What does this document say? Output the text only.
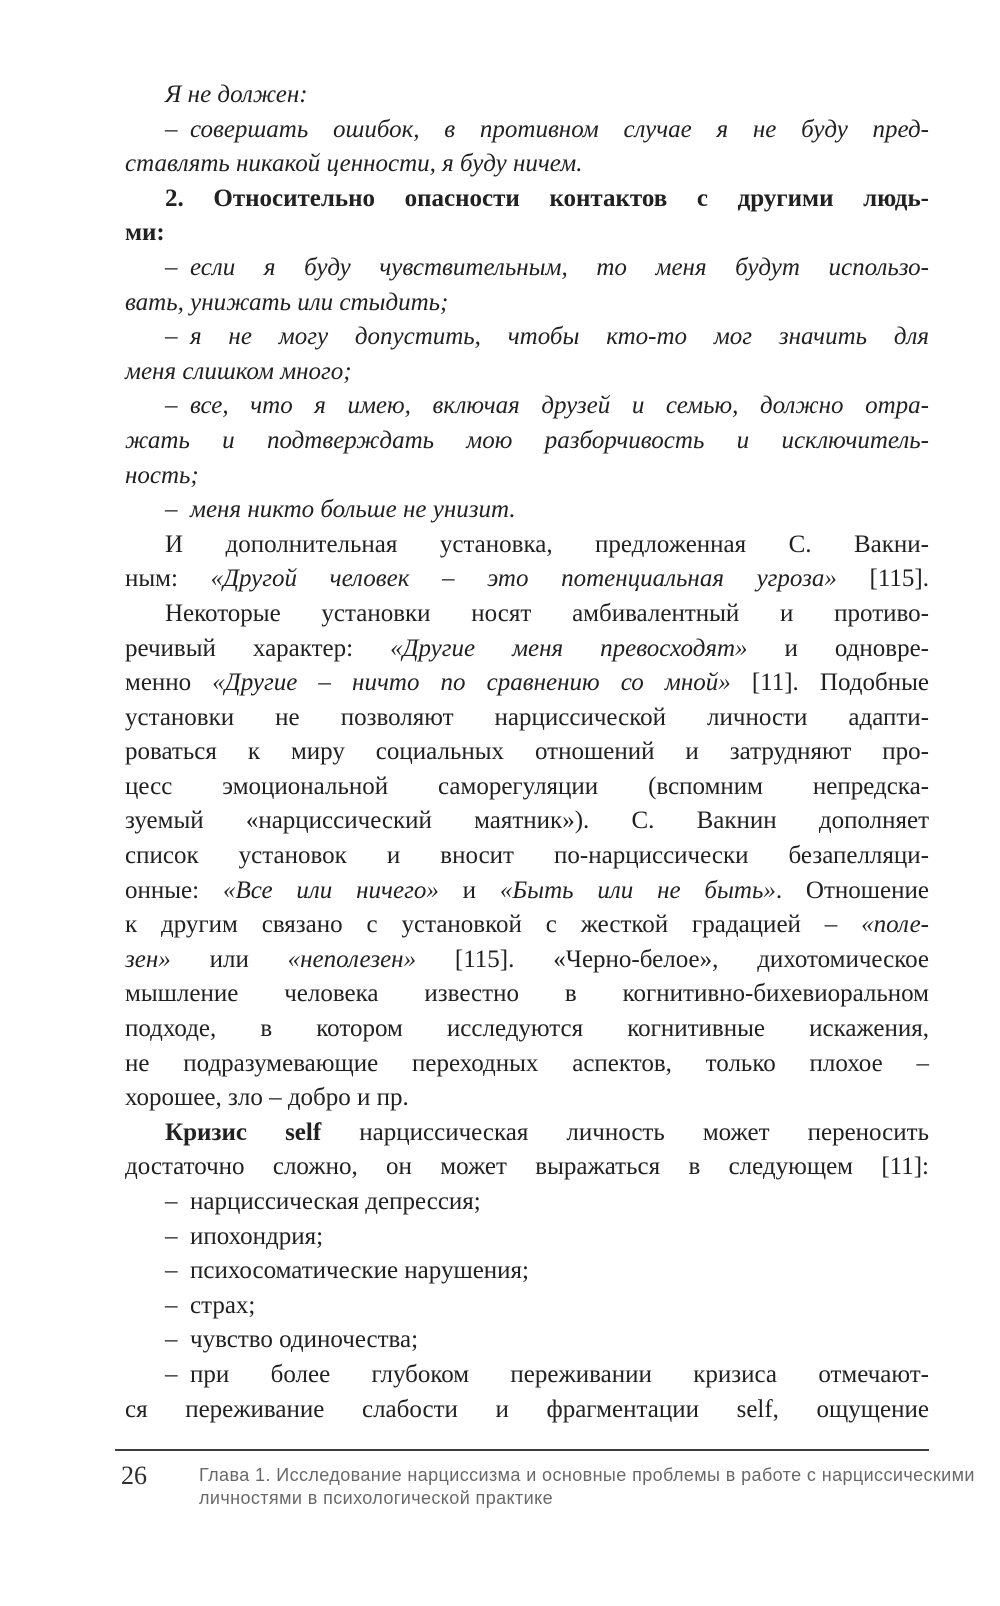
Я не должен:
– совершать ошибок, в противном случае я не буду пред-
ставлять никакой ценности, я буду ничем.
2. Относительно опасности контактов с другими людь-
ми:
– если я буду чувствительным, то меня будут использо-
вать, унижать или стыдить;
– я не могу допустить, чтобы кто-то мог значить для
меня слишком много;
– все, что я имею, включая друзей и семью, должно отра-
жать и подтверждать мою разборчивость и исключитель-
ность;
– меня никто больше не унизит.
И дополнительная установка, предложенная С. Вакни-
ным: «Другой человек – это потенциальная угроза» [115].
Некоторые установки носят амбивалентный и противо-
речивый характер: «Другие меня превосходят» и одновре-
менно «Другие – ничто по сравнению со мной» [11]. Подобные
установки не позволяют нарциссической личности адапти-
роваться к миру социальных отношений и затрудняют про-
цесс эмоциональной саморегуляции (вспомним непредска-
зуемый «нарциссический маятник»). С. Вакнин дополняет
список установок и вносит по-нарциссически безапелляци-
онные: «Все или ничего» и «Быть или не быть». Отношение
к другим связано с установкой с жесткой градацией – «поле-
зен» или «неполезен» [115]. «Черно-белое», дихотомическое
мышление человека известно в когнитивно-бихевиоральном
подходе, в котором исследуются когнитивные искажения,
не подразумевающие переходных аспектов, только плохое –
хорошее, зло – добро и пр.
Кризис self нарциссическая личность может переносить
достаточно сложно, он может выражаться в следующем [11]:
– нарциссическая депрессия;
– ипохондрия;
– психосоматические нарушения;
– страх;
– чувство одиночества;
– при более глубоком переживании кризиса отмечают-
ся переживание слабости и фрагментации self, ощущение
26	Глава 1. Исследование нарциссизма и основные проблемы в работе с нарциссическими
личностями в психологической практике
